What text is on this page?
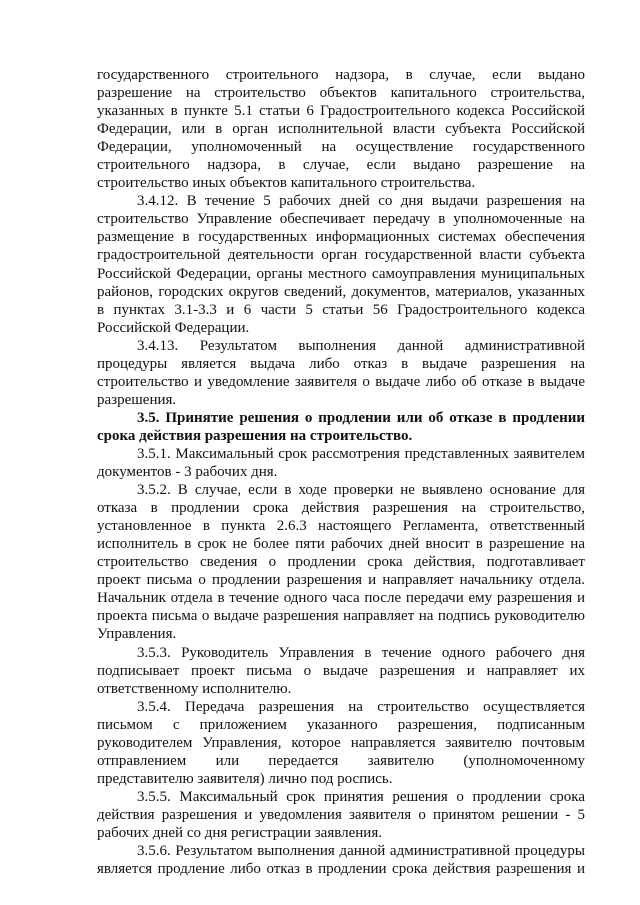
государственного строительного надзора, в случае, если выдано
разрешение на строительство объектов капитального строительства,
указанных в пункте 5.1 статьи 6 Градостроительного кодекса Российской
Федерации, или в орган исполнительной власти субъекта Российской
Федерации, уполномоченный на осуществление государственного
строительного надзора, в случае, если выдано разрешение на
строительство иных объектов капитального строительства.
3.4.12. В течение 5 рабочих дней со дня выдачи разрешения на
строительство Управление обеспечивает передачу в уполномоченные на
размещение в государственных информационных системах обеспечения
градостроительной деятельности орган государственной власти субъекта
Российской Федерации, органы местного самоуправления муниципальных
районов, городских округов сведений, документов, материалов, указанных
в пунктах 3.1-3.3 и 6 части 5 статьи 56 Градостроительного кодекса
Российской Федерации.
3.4.13. Результатом выполнения данной административной
процедуры является выдача либо отказ в выдаче разрешения на
строительство и уведомление заявителя о выдаче либо об отказе в выдаче
разрешения.
3.5. Принятие решения о продлении или об отказе в продлении
срока действия разрешения на строительство.
3.5.1. Максимальный срок рассмотрения представленных заявителем
документов - 3 рабочих дня.
3.5.2. В случае, если в ходе проверки не выявлено основание для
отказа в продлении срока действия разрешения на строительство,
установленное в пункта 2.6.3 настоящего Регламента, ответственный
исполнитель в срок не более пяти рабочих дней вносит в разрешение на
строительство сведения о продлении срока действия, подготавливает
проект письма о продлении разрешения и направляет начальнику отдела.
Начальник отдела в течение одного часа после передачи ему разрешения и
проекта письма о выдаче разрешения направляет на подпись руководителю
Управления.
3.5.3. Руководитель Управления в течение одного рабочего дня
подписывает проект письма о выдаче разрешения и направляет их
ответственному исполнителю.
3.5.4. Передача разрешения на строительство осуществляется
письмом с приложением указанного разрешения, подписанным
руководителем Управления, которое направляется заявителю почтовым
отправлением или передается заявителю (уполномоченному
представителю заявителя) лично под роспись.
3.5.5. Максимальный срок принятия решения о продлении срока
действия разрешения и уведомления заявителя о принятом решении - 5
рабочих дней со дня регистрации заявления.
3.5.6. Результатом выполнения данной административной процедуры
является продление либо отказ в продлении срока действия разрешения и
